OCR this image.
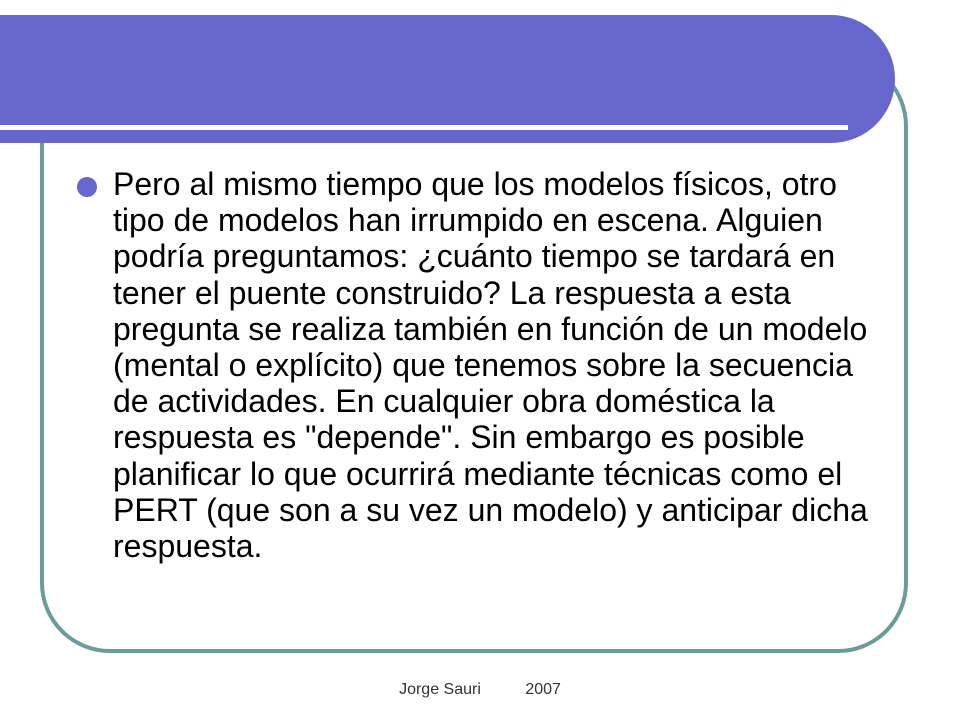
Pero al mismo tiempo que los modelos físicos, otro tipo de modelos han irrumpido en escena. Alguien podría preguntamos: ¿cuánto tiempo se tardará en tener el puente construido? La respuesta a esta pregunta se realiza también en función de un modelo (mental o explícito) que tenemos sobre la secuencia de actividades. En cualquier obra doméstica la respuesta es "depende". Sin embargo es posible planificar lo que ocurrirá mediante técnicas como el PERT (que son a su vez un modelo) y anticipar dicha respuesta.

Jorge Sauri	2007
